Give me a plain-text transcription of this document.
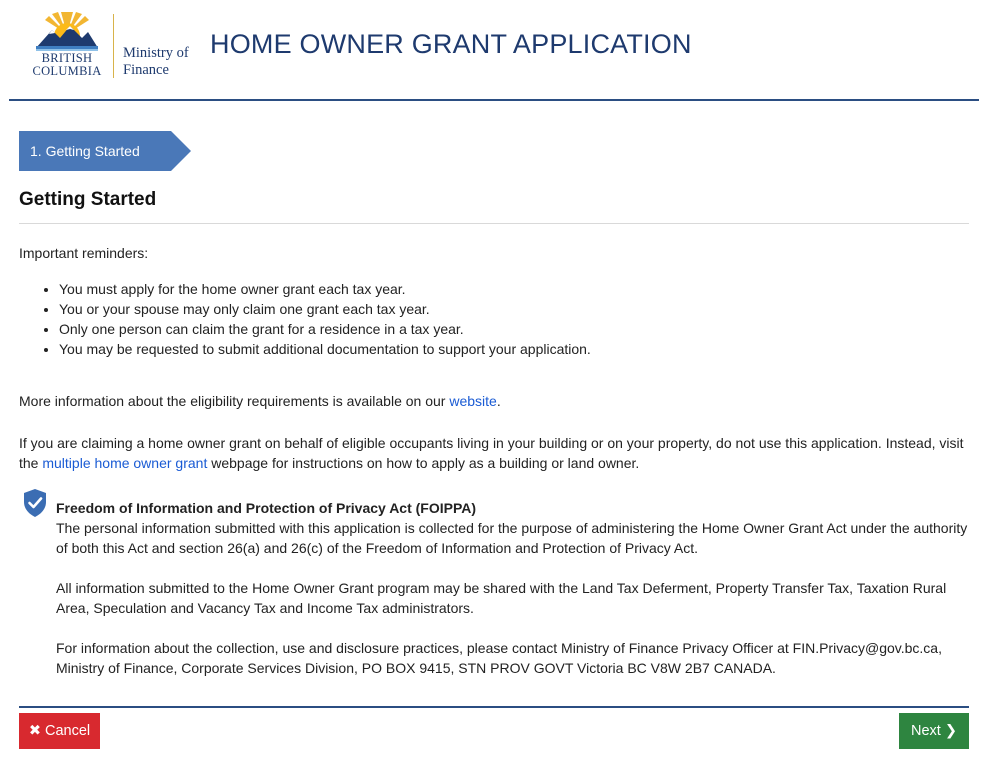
BRITISH
COLUMBIA
Ministry of
Finance
HOME OWNER GRANT APPLICATION
1. Getting Started
Getting Started
Important reminders:
• You must apply for the home owner grant each tax year.
• You or your spouse may only claim one grant each tax year.
• Only one person can claim the grant for a residence in a tax year.
• You may be requested to submit additional documentation to support your application.
More information about the eligibility requirements is available on our website.
If you are claiming a home owner grant on behalf of eligible occupants living in your building or on your property, do not use this application. Instead, visit the multiple home owner grant webpage for instructions on how to apply as a building or land owner.
Freedom of Information and Protection of Privacy Act (FOIPPA)

The personal information submitted with this application is collected for the purpose of administering the Home Owner Grant Act under the authority of both this Act and section 26(a) and 26(c) of the Freedom of Information and Protection of Privacy Act.

All information submitted to the Home Owner Grant program may be shared with the Land Tax Deferment, Property Transfer Tax, Taxation Rural Area, Speculation and Vacancy Tax and Income Tax administrators.

For information about the collection, use and disclosure practices, please contact Ministry of Finance Privacy Officer at FIN.Privacy@gov.bc.ca, Ministry of Finance, Corporate Services Division, PO BOX 9415, STN PROV GOVT Victoria BC V8W 2B7 CANADA.

✖ Cancel	Next ❯
